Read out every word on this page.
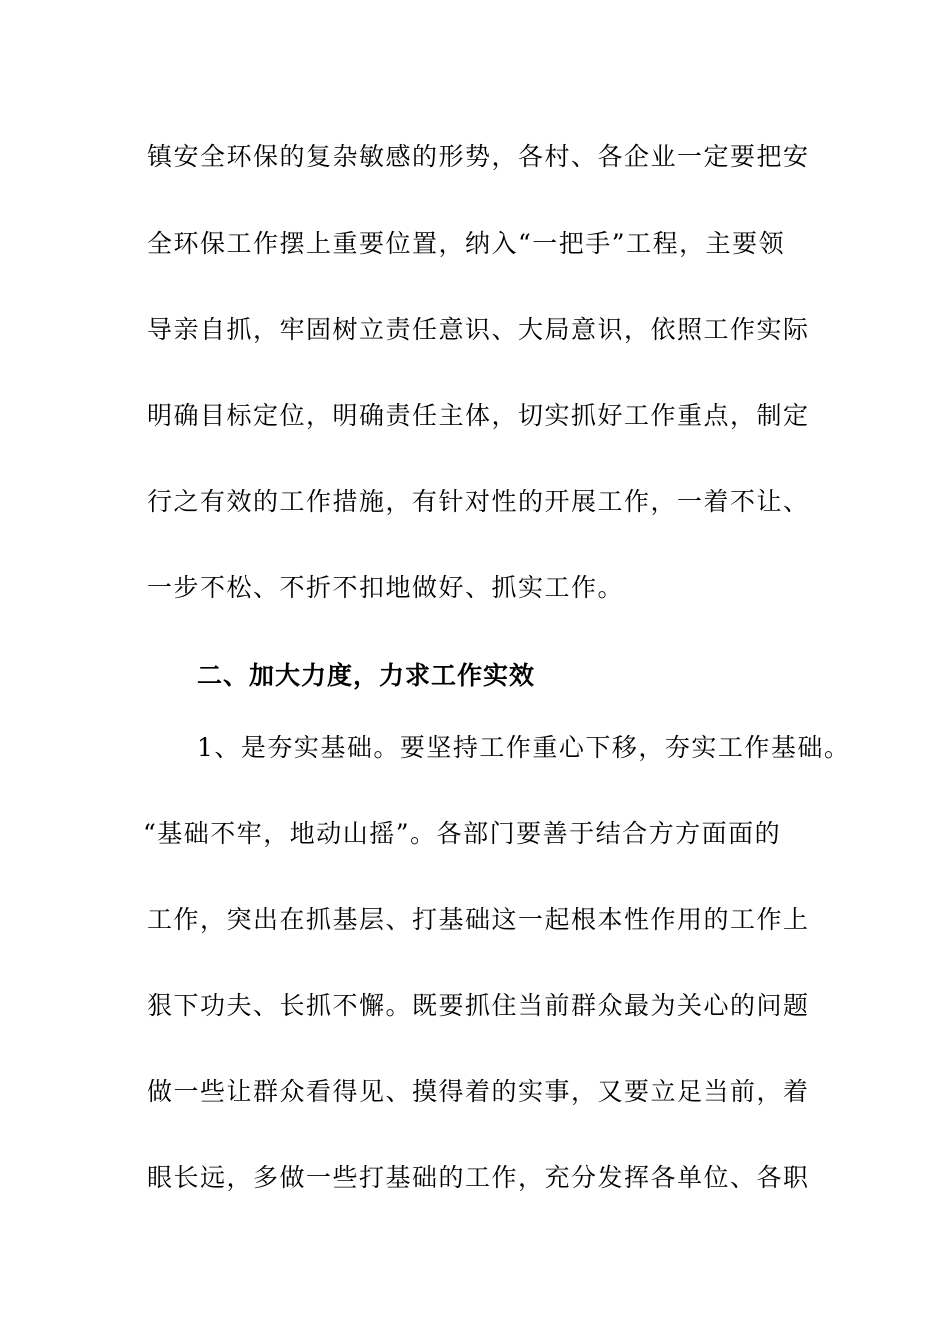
镇安全环保的复杂敏感的形势，各村、各企业一定要把安
全环保工作摆上重要位置，纳入“一把手”工程，主要领
导亲自抓，牢固树立责任意识、大局意识，依照工作实际
明确目标定位，明确责任主体，切实抓好工作重点，制定
行之有效的工作措施，有针对性的开展工作，一着不让、
一步不松、不折不扣地做好、抓实工作。
二、加大力度，力求工作实效
1、是夯实基础。要坚持工作重心下移，夯实工作基础。
“基础不牢，地动山摇”。各部门要善于结合方方面面的
工作，突出在抓基层、打基础这一起根本性作用的工作上
狠下功夫、长抓不懈。既要抓住当前群众最为关心的问题
做一些让群众看得见、摸得着的实事，又要立足当前，着
眼长远，多做一些打基础的工作，充分发挥各单位、各职
